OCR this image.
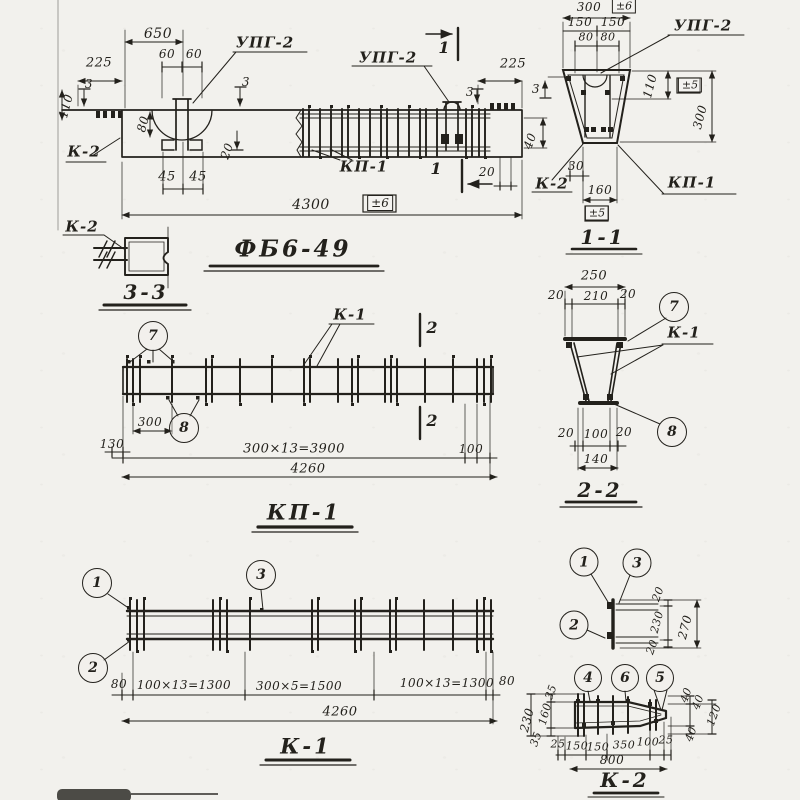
ФБ6-49
650
60 60
225
3
110
80
К-2
3
45 45
20
УПГ-2
УПГ-2
1
1
225
3
40
20
К-2
КП-1
4300	±6
1-1
300	±6
150 150
80 80
УПГ-2
3	110	±5
300
30
160
±5
КП-1
3-3
К-2
КП-1
7
8
К-1
2
2
300
130	300×13=3900	100
4260
2-2
250
20 210 20
7
К-1
8
20 100 20
140
К-1
1	3
2
80 100×13=1300 300×5=1500	100×13=1300 80
4260
1	3
2
20
230
20
270
К-2
4	6	5
35
160
35
230
25 150
150 350 100 25
800
40
40
40
120
